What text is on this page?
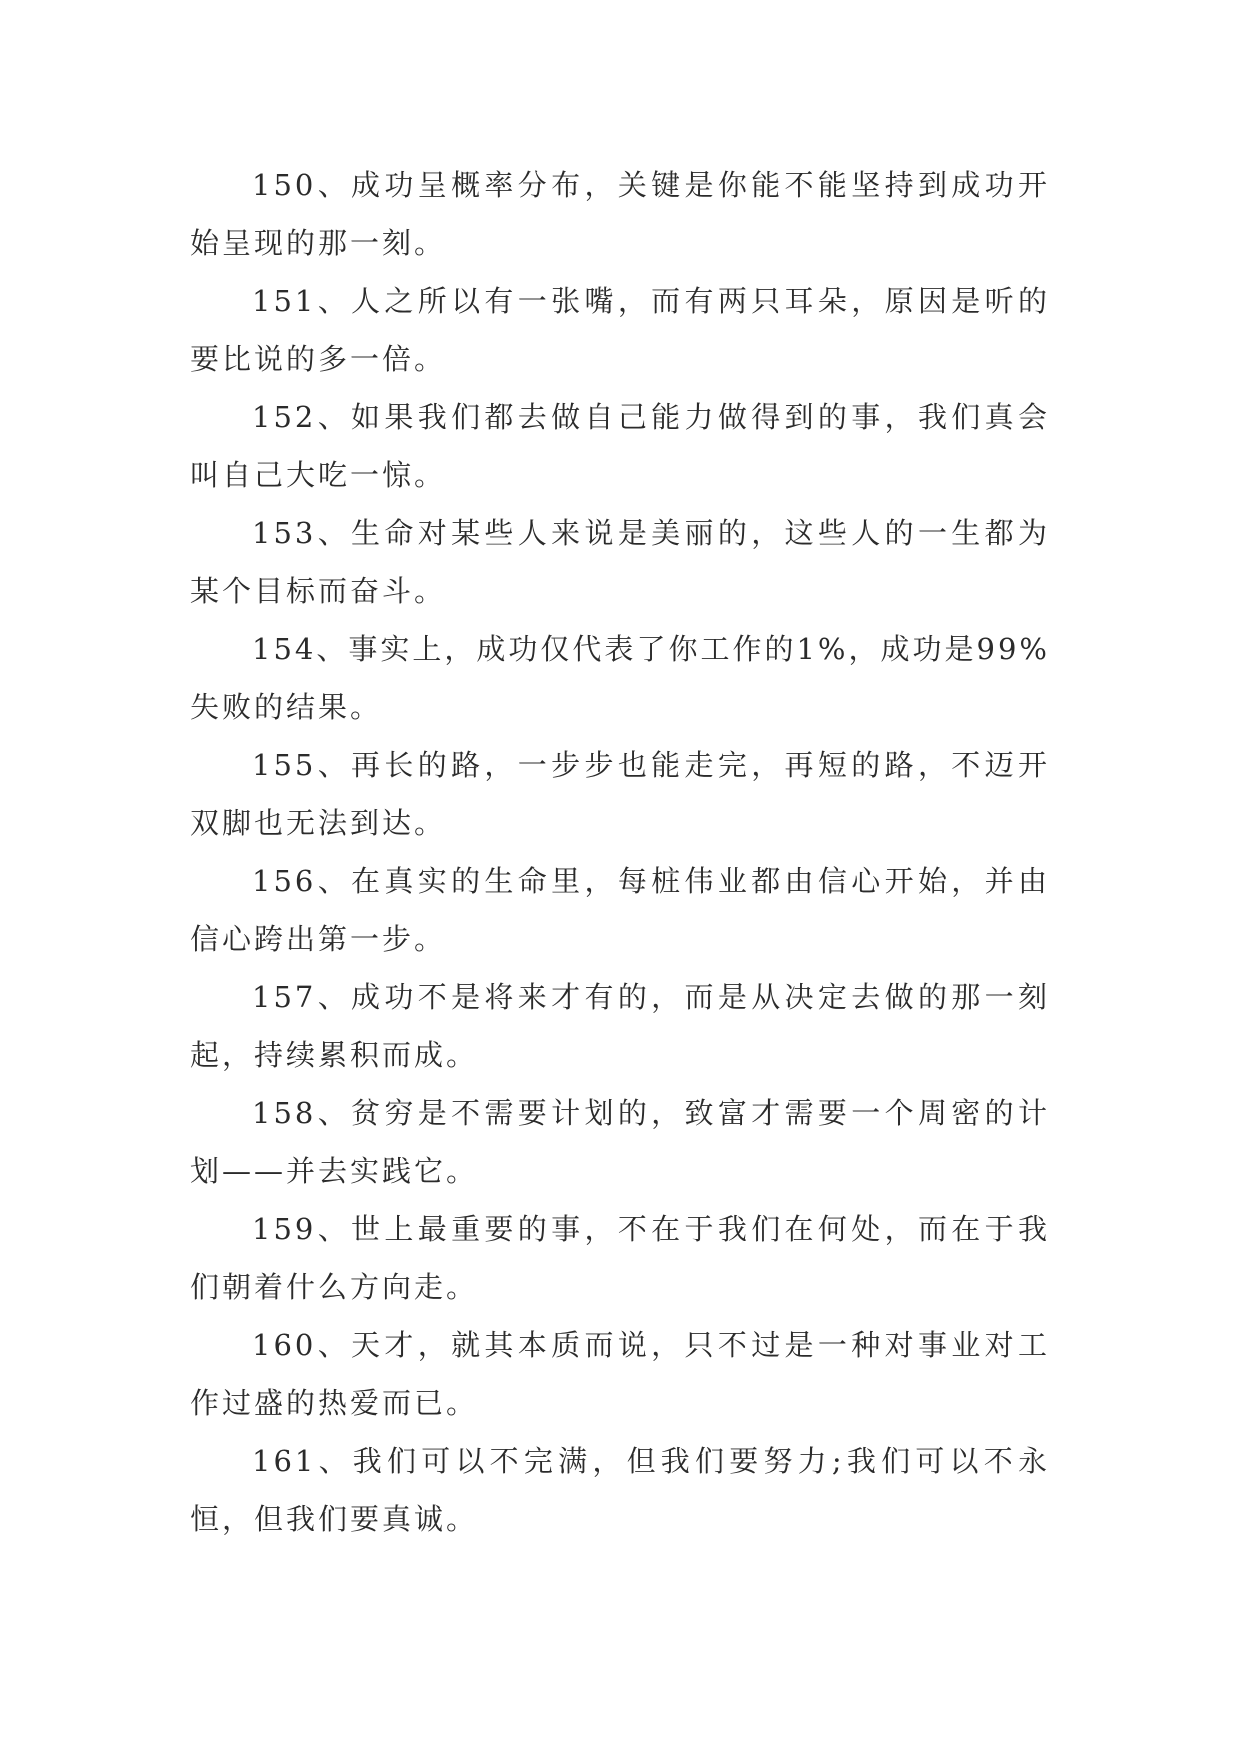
150、成功呈概率分布，关键是你能不能坚持到成功开始呈现的那一刻。

151、人之所以有一张嘴，而有两只耳朵，原因是听的要比说的多一倍。

152、如果我们都去做自己能力做得到的事，我们真会叫自己大吃一惊。

153、生命对某些人来说是美丽的，这些人的一生都为某个目标而奋斗。

154、事实上，成功仅代表了你工作的1%，成功是99%失败的结果。

155、再长的路，一步步也能走完，再短的路，不迈开双脚也无法到达。

156、在真实的生命里，每桩伟业都由信心开始，并由信心跨出第一步。

157、成功不是将来才有的，而是从决定去做的那一刻起，持续累积而成。

158、贫穷是不需要计划的，致富才需要一个周密的计划——并去实践它。

159、世上最重要的事，不在于我们在何处，而在于我们朝着什么方向走。

160、天才，就其本质而说，只不过是一种对事业对工作过盛的热爱而已。

161、我们可以不完满，但我们要努力;我们可以不永恒，但我们要真诚。
